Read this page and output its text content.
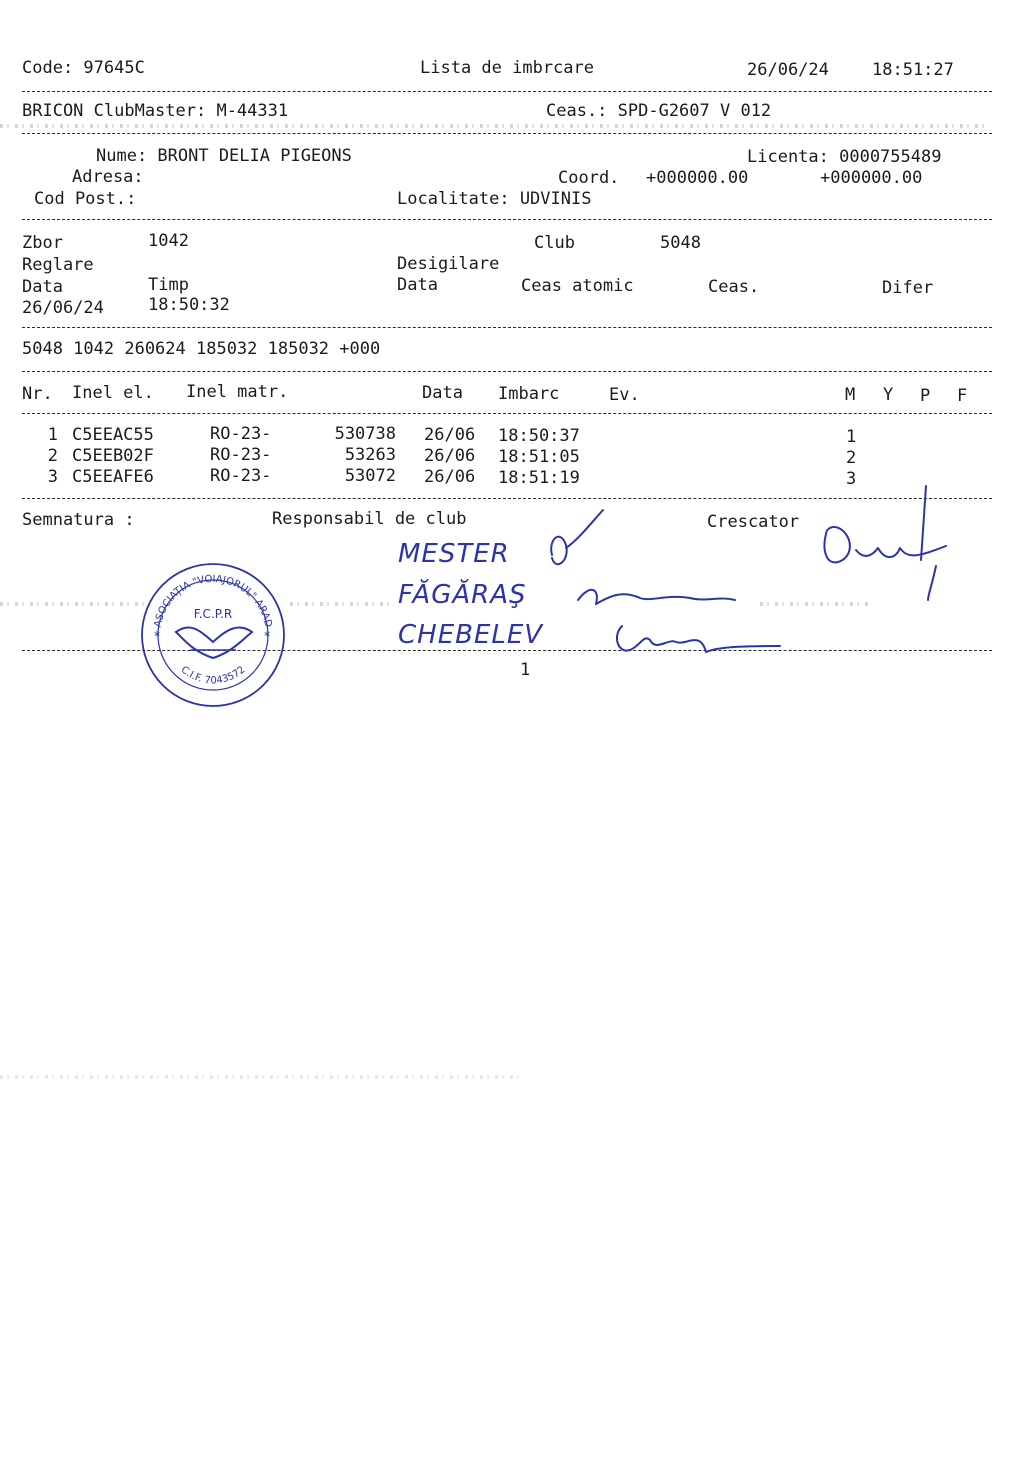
Code: 97645C	Lista de imbrcare	26/06/24	18:51:27
BRICON ClubMaster: M-44331	Ceas.: SPD-G2607 V 012
Nume: BRONT DELIA PIGEONS	Licenta: 0000755489
Adresa:	Coord. +000000.00	+000000.00
Cod Post.:	Localitate: UDVINIS
Zbor	1042	Club	5048
Reglare	Desigilare
Data	Timp	Data	Ceas atomic	Ceas.	Difer
26/06/24	18:50:32
5048 1042 260624 185032 185032 +000
Nr. Inel el. Inel matr.	Data Imbarc	Ev.	M Y P F
1 C5EEAC55	RO-23-	530738 26/06 18:50:37	1
2 C5EEB02F	RO-23-	53263 26/06 18:51:05	2
3 C5EEAFE6	RO-23-	53072 26/06 18:51:19	3
Semnatura :	Responsabil de club	Crescator
MESTER
FĂGĂRAŞ
CHEBELEV
1
ASOCIAŢIA "VOIAJORUL" ARAD
F.C.P.R
*	*
C.I.F. 7043572
